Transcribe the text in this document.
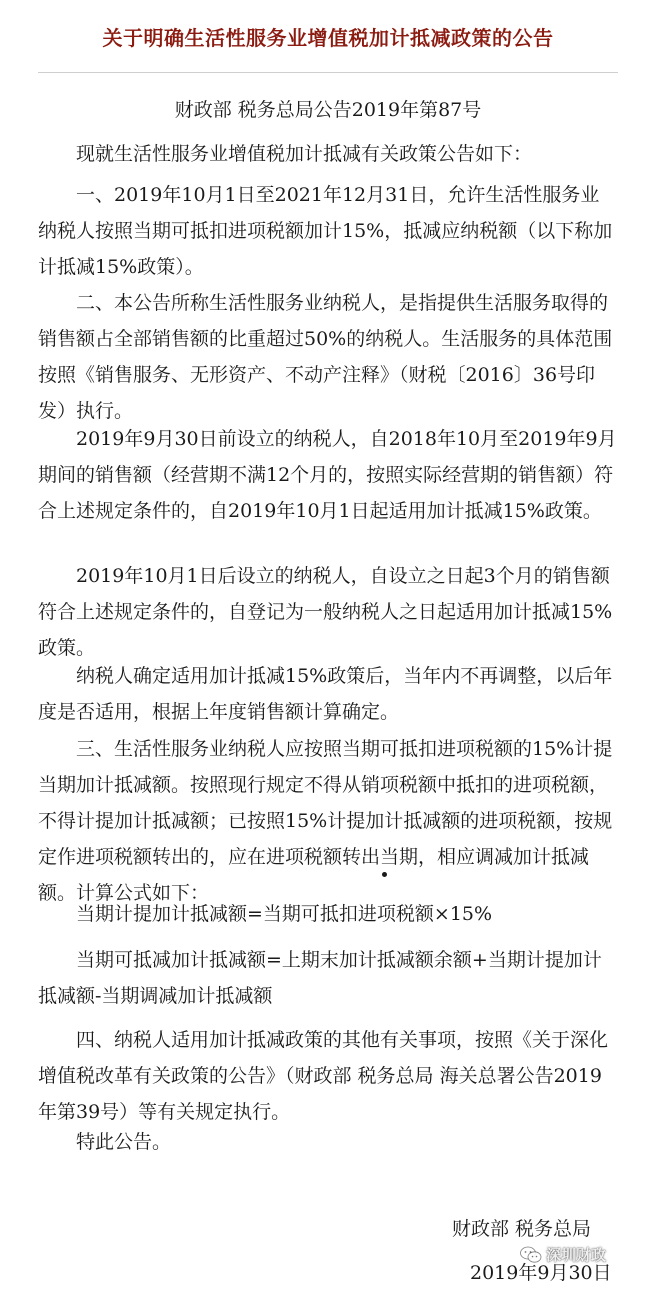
关于明确生活性服务业增值税加计抵减政策的公告
财政部 税务总局公告2019年第87号

现就生活性服务业增值税加计抵减有关政策公告如下：

一、2019年10月1日至2021年12月31日，允许生活性服务业纳税人按照当期可抵扣进项税额加计15%，抵减应纳税额（以下称加计抵减15%政策）。

二、本公告所称生活性服务业纳税人，是指提供生活服务取得的销售额占全部销售额的比重超过50%的纳税人。生活服务的具体范围按照《销售服务、无形资产、不动产注释》（财税〔2016〕36号印发）执行。

2019年9月30日前设立的纳税人，自2018年10月至2019年9月期间的销售额（经营期不满12个月的，按照实际经营期的销售额）符合上述规定条件的，自2019年10月1日起适用加计抵减15%政策。

2019年10月1日后设立的纳税人，自设立之日起3个月的销售额符合上述规定条件的，自登记为一般纳税人之日起适用加计抵减15%政策。

纳税人确定适用加计抵减15%政策后，当年内不再调整，以后年度是否适用，根据上年度销售额计算确定。

三、生活性服务业纳税人应按照当期可抵扣进项税额的15%计提当期加计抵减额。按照现行规定不得从销项税额中抵扣的进项税额，不得计提加计抵减额；已按照15%计提加计抵减额的进项税额，按规定作进项税额转出的，应在进项税额转出当期，相应调减加计抵减额。计算公式如下：

当期计提加计抵减额=当期可抵扣进项税额×15%

当期可抵减加计抵减额=上期末加计抵减额余额+当期计提加计抵减额-当期调减加计抵减额

四、纳税人适用加计抵减政策的其他有关事项，按照《关于深化增值税改革有关政策的公告》（财政部 税务总局 海关总署公告2019年第39号）等有关规定执行。

特此公告。

财政部 税务总局
2019年9月30日
深圳财政
